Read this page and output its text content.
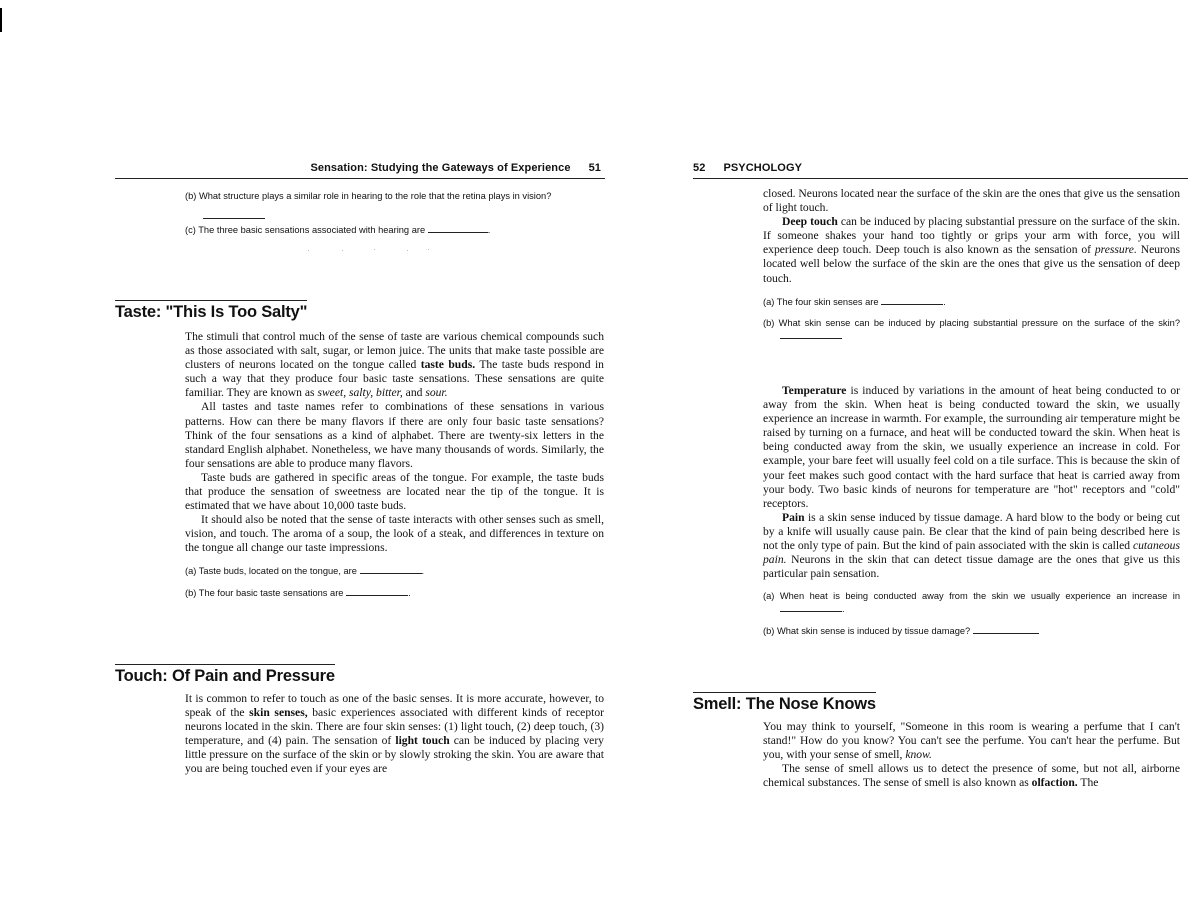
Sensation: Studying the Gateways of Experience 51

(b) What structure plays a similar role in hearing to the role that the retina plays in vision?

(c) The three basic sensations associated with hearing are	.

Taste: "This Is Too Salty"

The stimuli that control much of the sense of taste are various chemical compounds such as those associated with salt, sugar, or lemon juice. The units that make taste possible are clusters of neurons located on the tongue called taste buds. The taste buds respond in such a way that they produce four basic taste sensations. These sensations are quite familiar. They are known as sweet, salty, bitter, and sour.

All tastes and taste names refer to combinations of these sensations in various patterns. How can there be many flavors if there are only four basic taste sensations? Think of the four sensations as a kind of alphabet. There are twenty-six letters in the standard English alphabet. Nonetheless, we have many thousands of words. Similarly, the four sensations are able to produce many flavors.

Taste buds are gathered in specific areas of the tongue. For example, the taste buds that produce the sensation of sweetness are located near the tip of the tongue. It is estimated that we have about 10,000 taste buds.

It should also be noted that the sense of taste interacts with other senses such as smell, vision, and touch. The aroma of a soup, the look of a steak, and differences in texture on the tongue all change our taste impressions.

(a) Taste buds, located on the tongue, are	.

(b) The four basic taste sensations are	.

Touch: Of Pain and Pressure

It is common to refer to touch as one of the basic senses. It is more accurate, however, to speak of the skin senses, basic experiences associated with different kinds of receptor neurons located in the skin. There are four skin senses: (1) light touch, (2) deep touch, (3) temperature, and (4) pain. The sensation of light touch can be induced by placing very little pressure on the surface of the skin or by slowly stroking the skin. You are aware that you are being touched even if your eyes are

52 PSYCHOLOGY

closed. Neurons located near the surface of the skin are the ones that give us the sensation of light touch.

Deep touch can be induced by placing substantial pressure on the surface of the skin. If someone shakes your hand too tightly or grips your arm with force, you will experience deep touch. Deep touch is also known as the sensation of pressure. Neurons located well below the surface of the skin are the ones that give us the sensation of deep touch.

(a) The four skin senses are	.

(b) What skin sense can be induced by placing substantial pressure on the surface of the skin?

Temperature is induced by variations in the amount of heat being conducted to or away from the skin. When heat is being conducted toward the skin, we usually experience an increase in warmth. For example, the surrounding air temperature might be raised by turning on a furnace, and heat will be conducted toward the skin. When heat is being conducted away from the skin, we usually experience an increase in cold. For example, your bare feet will usually feel cold on a tile surface. This is because the skin of your feet makes such good contact with the hard surface that heat is carried away from your body. Two basic kinds of neurons for temperature are "hot" receptors and "cold" receptors.

Pain is a skin sense induced by tissue damage. A hard blow to the body or being cut by a knife will usually cause pain. Be clear that the kind of pain being described here is not the only type of pain. But the kind of pain associated with the skin is called cutaneous pain. Neurons in the skin that can detect tissue damage are the ones that give us this particular pain sensation.

(a) When heat is being conducted away from the skin we usually experience an increase in .

(b) What skin sense is induced by tissue damage?

Smell: The Nose Knows

You may think to yourself, "Someone in this room is wearing a perfume that I can't stand!" How do you know? You can't see the perfume. You can't hear the perfume. But you, with your sense of smell, know.

The sense of smell allows us to detect the presence of some, but not all, airborne chemical substances. The sense of smell is also known as olfaction. The
